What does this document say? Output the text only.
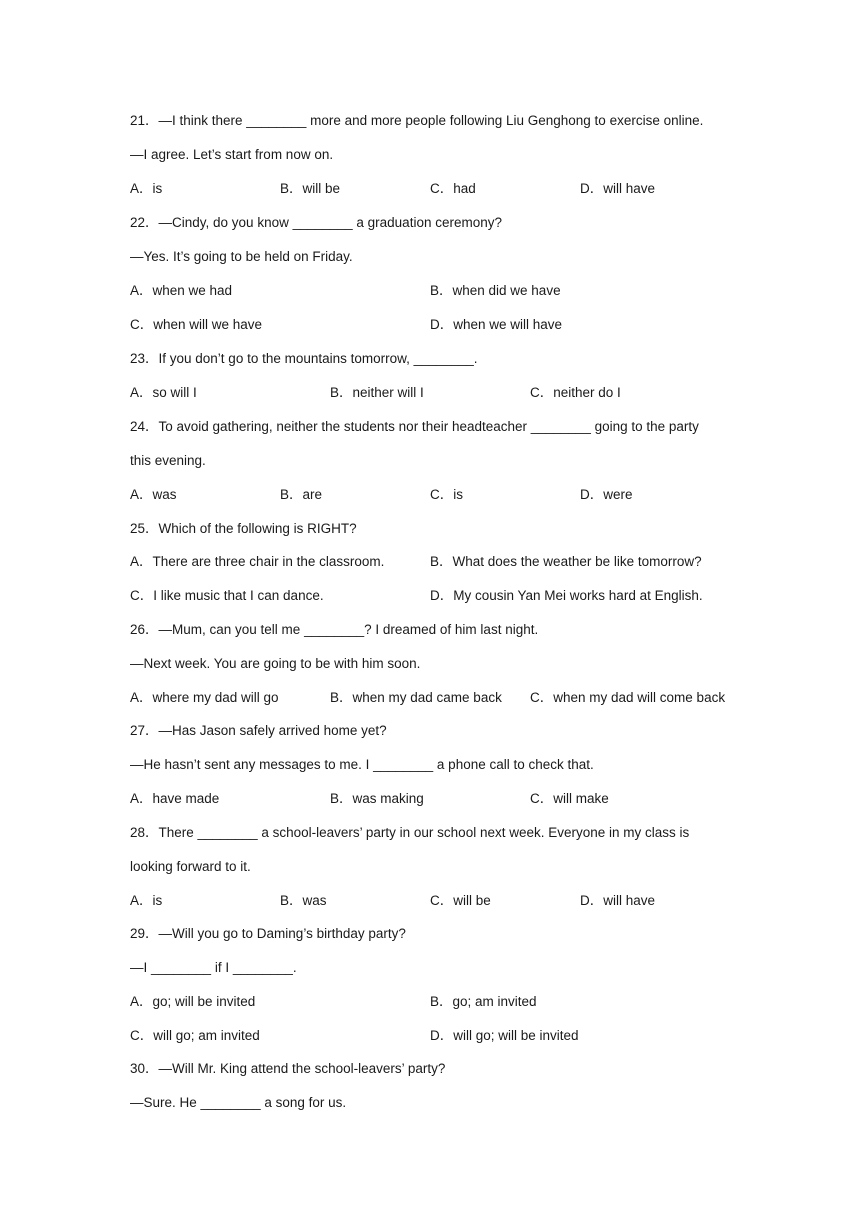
21．—I think there ________ more and more people following Liu Genghong to exercise online.
—I agree. Let’s start from now on.
A．is	B．will be	C．had	D．will have
22．—Cindy, do you know ________ a graduation ceremony?
—Yes. It’s going to be held on Friday.
A．when we had	B．when did we have
C．when will we have	D．when we will have
23．If you don’t go to the mountains tomorrow, ________.
A．so will I	B．neither will I	C．neither do I
24．To avoid gathering, neither the students nor their headteacher ________ going to the party
this evening.
A．was	B．are	C．is	D．were
25．Which of the following is RIGHT?
A．There are three chair in the classroom.	B．What does the weather be like tomorrow?
C．I like music that I can dance.	D．My cousin Yan Mei works hard at English.
26．—Mum, can you tell me ________? I dreamed of him last night.
—Next week. You are going to be with him soon.
A．where my dad will go	B．when my dad came back C．when my dad will come back
27．—Has Jason safely arrived home yet?
—He hasn’t sent any messages to me. I ________ a phone call to check that.
A．have made	B．was making	C．will make
28．There ________ a school-leavers’ party in our school next week. Everyone in my class is
looking forward to it.
A．is	B．was	C．will be	D．will have
29．—Will you go to Daming’s birthday party?
—I ________ if I ________.
A．go; will be invited	B．go; am invited
C．will go; am invited	D．will go; will be invited
30．—Will Mr. King attend the school-leavers’ party?
—Sure. He ________ a song for us.
